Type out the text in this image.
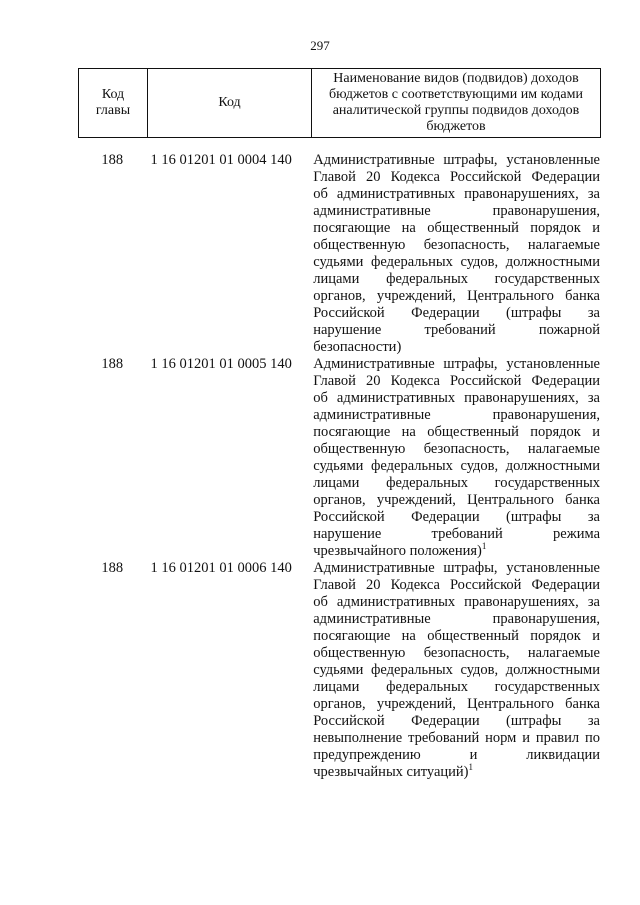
297
Код главы	Код	Наименование видов (подвидов) доходов бюджетов с соответствующими им кодами аналитической группы подвидов доходов бюджетов
188	1 16 01201 01 0004 140	Административные штрафы, установленные
Главой 20 Кодекса Российской Федерации
об административных правонарушениях, за
административные правонарушения,
посягающие на общественный порядок и
общественную безопасность, налагаемые
судьями федеральных судов, должностными
лицами федеральных государственных
органов, учреждений, Центрального банка
Российской Федерации (штрафы за
нарушение требований пожарной
безопасности)
188	1 16 01201 01 0005 140	Административные штрафы, установленные
Главой 20 Кодекса Российской Федерации
об административных правонарушениях, за
административные правонарушения,
посягающие на общественный порядок и
общественную безопасность, налагаемые
судьями федеральных судов, должностными
лицами федеральных государственных
органов, учреждений, Центрального банка
Российской Федерации (штрафы за
нарушение требований режима
чрезвычайного положения)$^1$
188	1 16 01201 01 0006 140	Административные штрафы, установленные
Главой 20 Кодекса Российской Федерации
об административных правонарушениях, за
административные правонарушения,
посягающие на общественный порядок и
общественную безопасность, налагаемые
судьями федеральных судов, должностными
лицами федеральных государственных
органов, учреждений, Центрального банка
Российской Федерации (штрафы за
невыполнение требований норм и правил по
предупреждению и ликвидации
чрезвычайных ситуаций)$^1$
